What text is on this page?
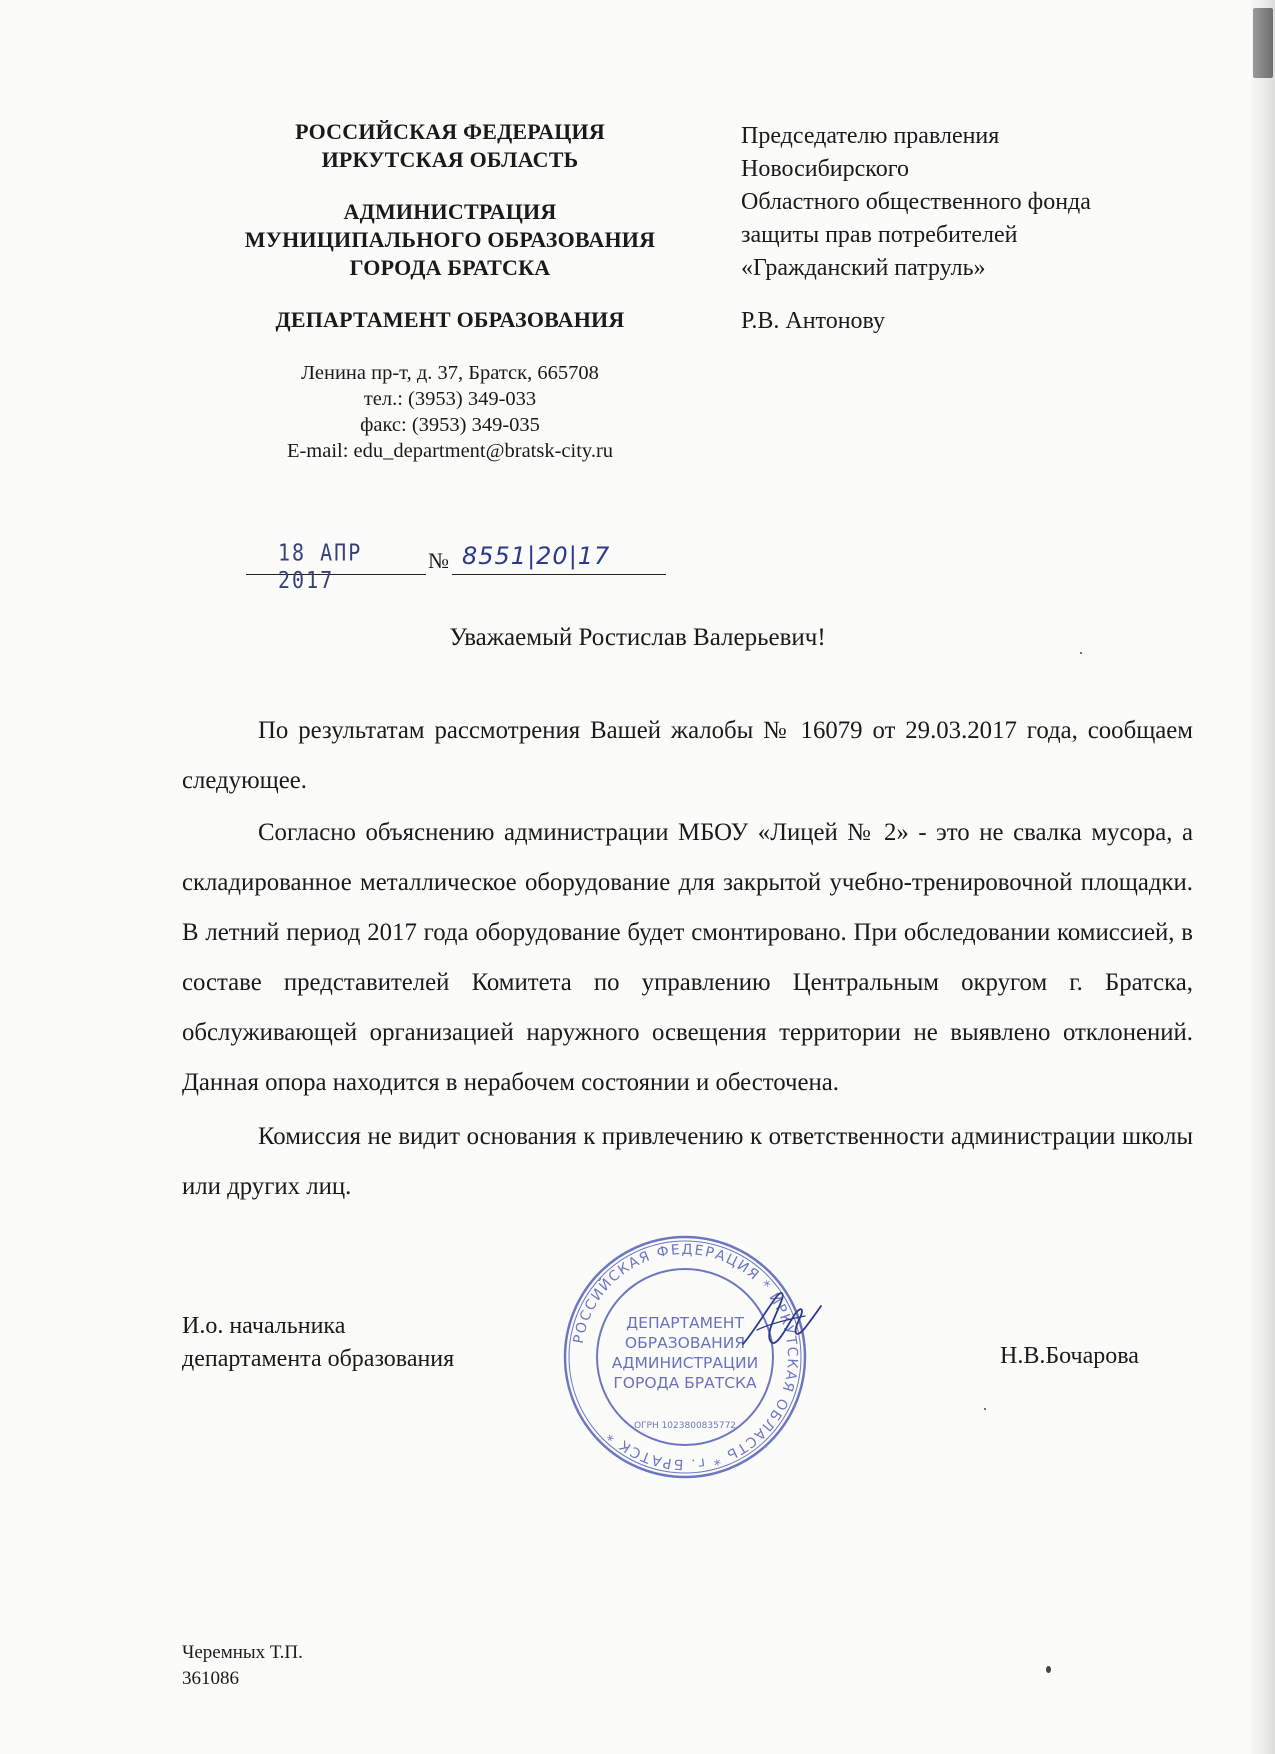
РОССИЙСКАЯ ФЕДЕРАЦИЯ
ИРКУТСКАЯ ОБЛАСТЬ
АДМИНИСТРАЦИЯ
МУНИЦИПАЛЬНОГО ОБРАЗОВАНИЯ
ГОРОДА БРАТСКА
ДЕПАРТАМЕНТ ОБРАЗОВАНИЯ
Ленина пр-т, д. 37, Братск, 665708
тел.: (3953) 349-033
факс: (3953) 349-035
E-mail: edu_department@bratsk-city.ru
Председателю правления
Новосибирского
Областного общественного фонда
защиты прав потребителей
«Гражданский патруль»
Р.В. Антонову
18 АПР 2017
№ 8551|20|17
Уважаемый Ростислав Валерьевич!

По результатам рассмотрения Вашей жалобы № 16079 от 29.03.2017 года, сообщаем следующее.

Согласно объяснению администрации МБОУ «Лицей № 2» - это не свалка мусора, а складированное металлическое оборудование для закрытой учебно-тренировочной площадки. В летний период 2017 года оборудование будет смонтировано. При обследовании комиссией, в составе представителей Комитета по управлению Центральным округом г. Братска, обслуживающей организацией наружного освещения территории не выявлено отклонений. Данная опора находится в нерабочем состоянии и обесточена.

Комиссия не видит основания к привлечению к ответственности администрации школы или других лиц.

И.о. начальника
департамента образования	Н.В.Бочарова
РОССИЙСКАЯ ФЕДЕРАЦИЯ * ИРКУТСКАЯ ОБЛАСТЬ * г. БРАТСК *
ДЕПАРТАМЕНТ
ОБРАЗОВАНИЯ
АДМИНИСТРАЦИИ
ГОРОДА БРАТСКА
ОГРН 1023800835772
Черемных Т.П.
361086
